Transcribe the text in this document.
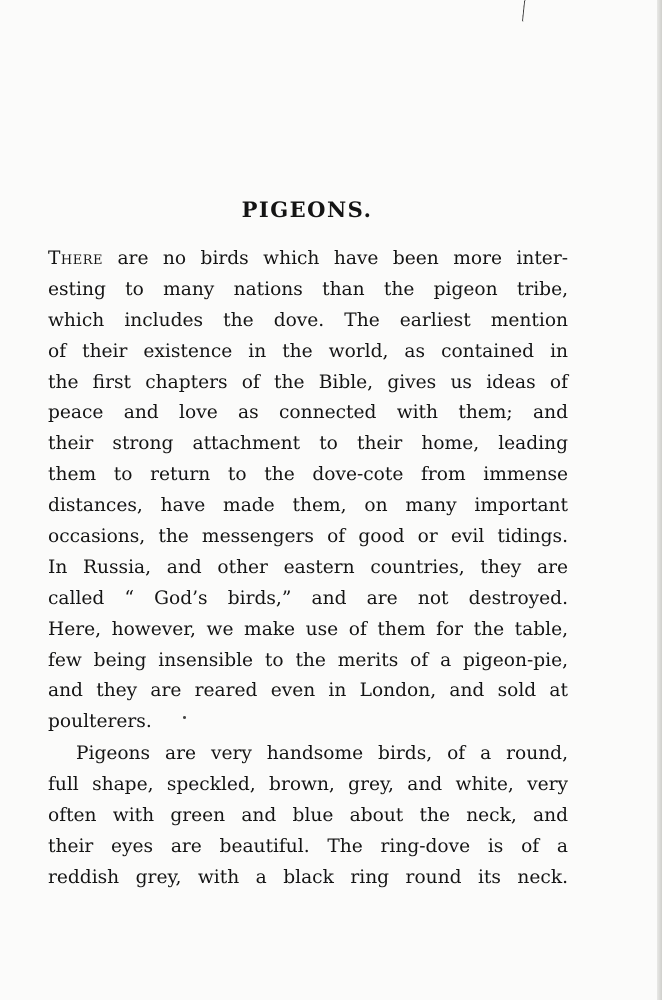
PIGEONS.
There are no birds which have been more inter-
esting to many nations than the pigeon tribe,
which includes the dove. The earliest mention
of their existence in the world, as contained in
the first chapters of the Bible, gives us ideas of
peace and love as connected with them; and
their strong attachment to their home, leading
them to return to the dove-cote from immense
distances, have made them, on many important
occasions, the messengers of good or evil tidings.
In Russia, and other eastern countries, they are
called “ God’s birds,” and are not destroyed.
Here, however, we make use of them for the table,
few being insensible to the merits of a pigeon-pie,
and they are reared even in London, and sold at
poulterers.
Pigeons are very handsome birds, of a round,
full shape, speckled, brown, grey, and white, very
often with green and blue about the neck, and
their eyes are beautiful. The ring-dove is of a
reddish grey, with a black ring round its neck.
